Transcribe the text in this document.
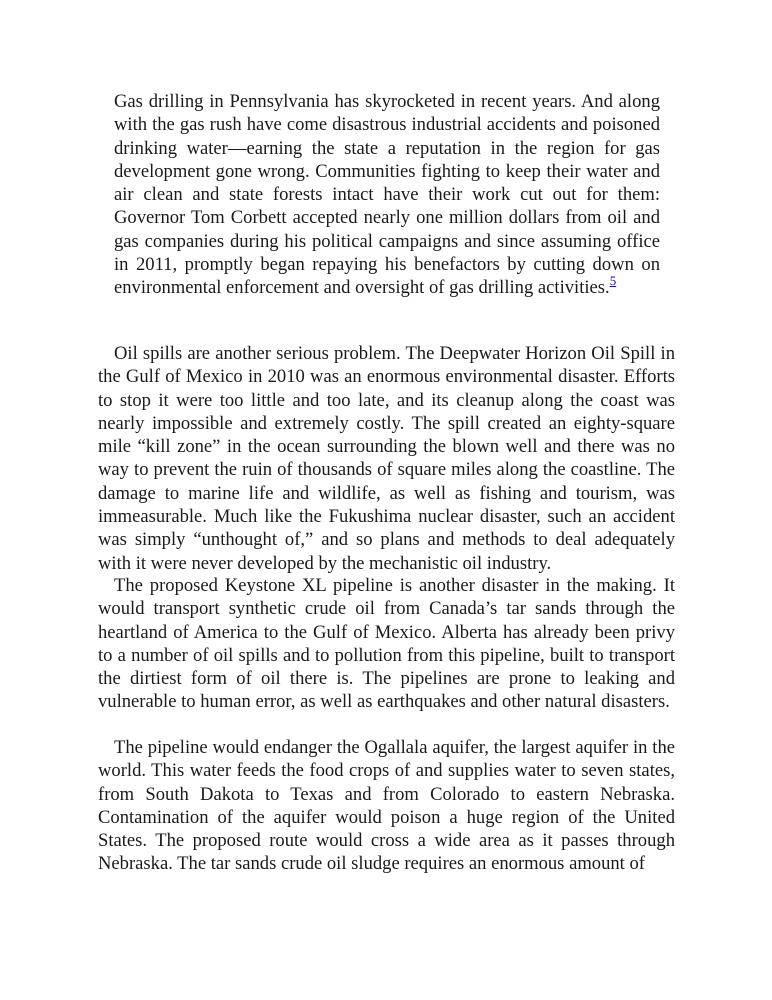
Gas drilling in Pennsylvania has skyrocketed in recent years. And along with the gas rush have come disastrous industrial accidents and poisoned drinking water—earning the state a reputation in the region for gas development gone wrong. Communities fighting to keep their water and air clean and state forests intact have their work cut out for them: Governor Tom Corbett accepted nearly one million dollars from oil and gas companies during his political campaigns and since assuming office in 2011, promptly began repaying his benefactors by cutting down on environmental enforcement and oversight of gas drilling activities.$^5$

Oil spills are another serious problem. The Deepwater Horizon Oil Spill in the Gulf of Mexico in 2010 was an enormous environmental disaster. Efforts to stop it were too little and too late, and its cleanup along the coast was nearly impossible and extremely costly. The spill created an eighty-square mile “kill zone” in the ocean surrounding the blown well and there was no way to prevent the ruin of thousands of square miles along the coastline. The damage to marine life and wildlife, as well as fishing and tourism, was immeasurable. Much like the Fukushima nuclear disaster, such an accident was simply “unthought of,” and so plans and methods to deal adequately with it were never developed by the mechanistic oil industry.

The proposed Keystone XL pipeline is another disaster in the making. It would transport synthetic crude oil from Canada’s tar sands through the heartland of America to the Gulf of Mexico. Alberta has already been privy to a number of oil spills and to pollution from this pipeline, built to transport the dirtiest form of oil there is. The pipelines are prone to leaking and vulnerable to human error, as well as earthquakes and other natural disasters.

The pipeline would endanger the Ogallala aquifer, the largest aquifer in the world. This water feeds the food crops of and supplies water to seven states, from South Dakota to Texas and from Colorado to eastern Nebraska. Contamination of the aquifer would poison a huge region of the United States. The proposed route would cross a wide area as it passes through Nebraska. The tar sands crude oil sludge requires an enormous amount of
